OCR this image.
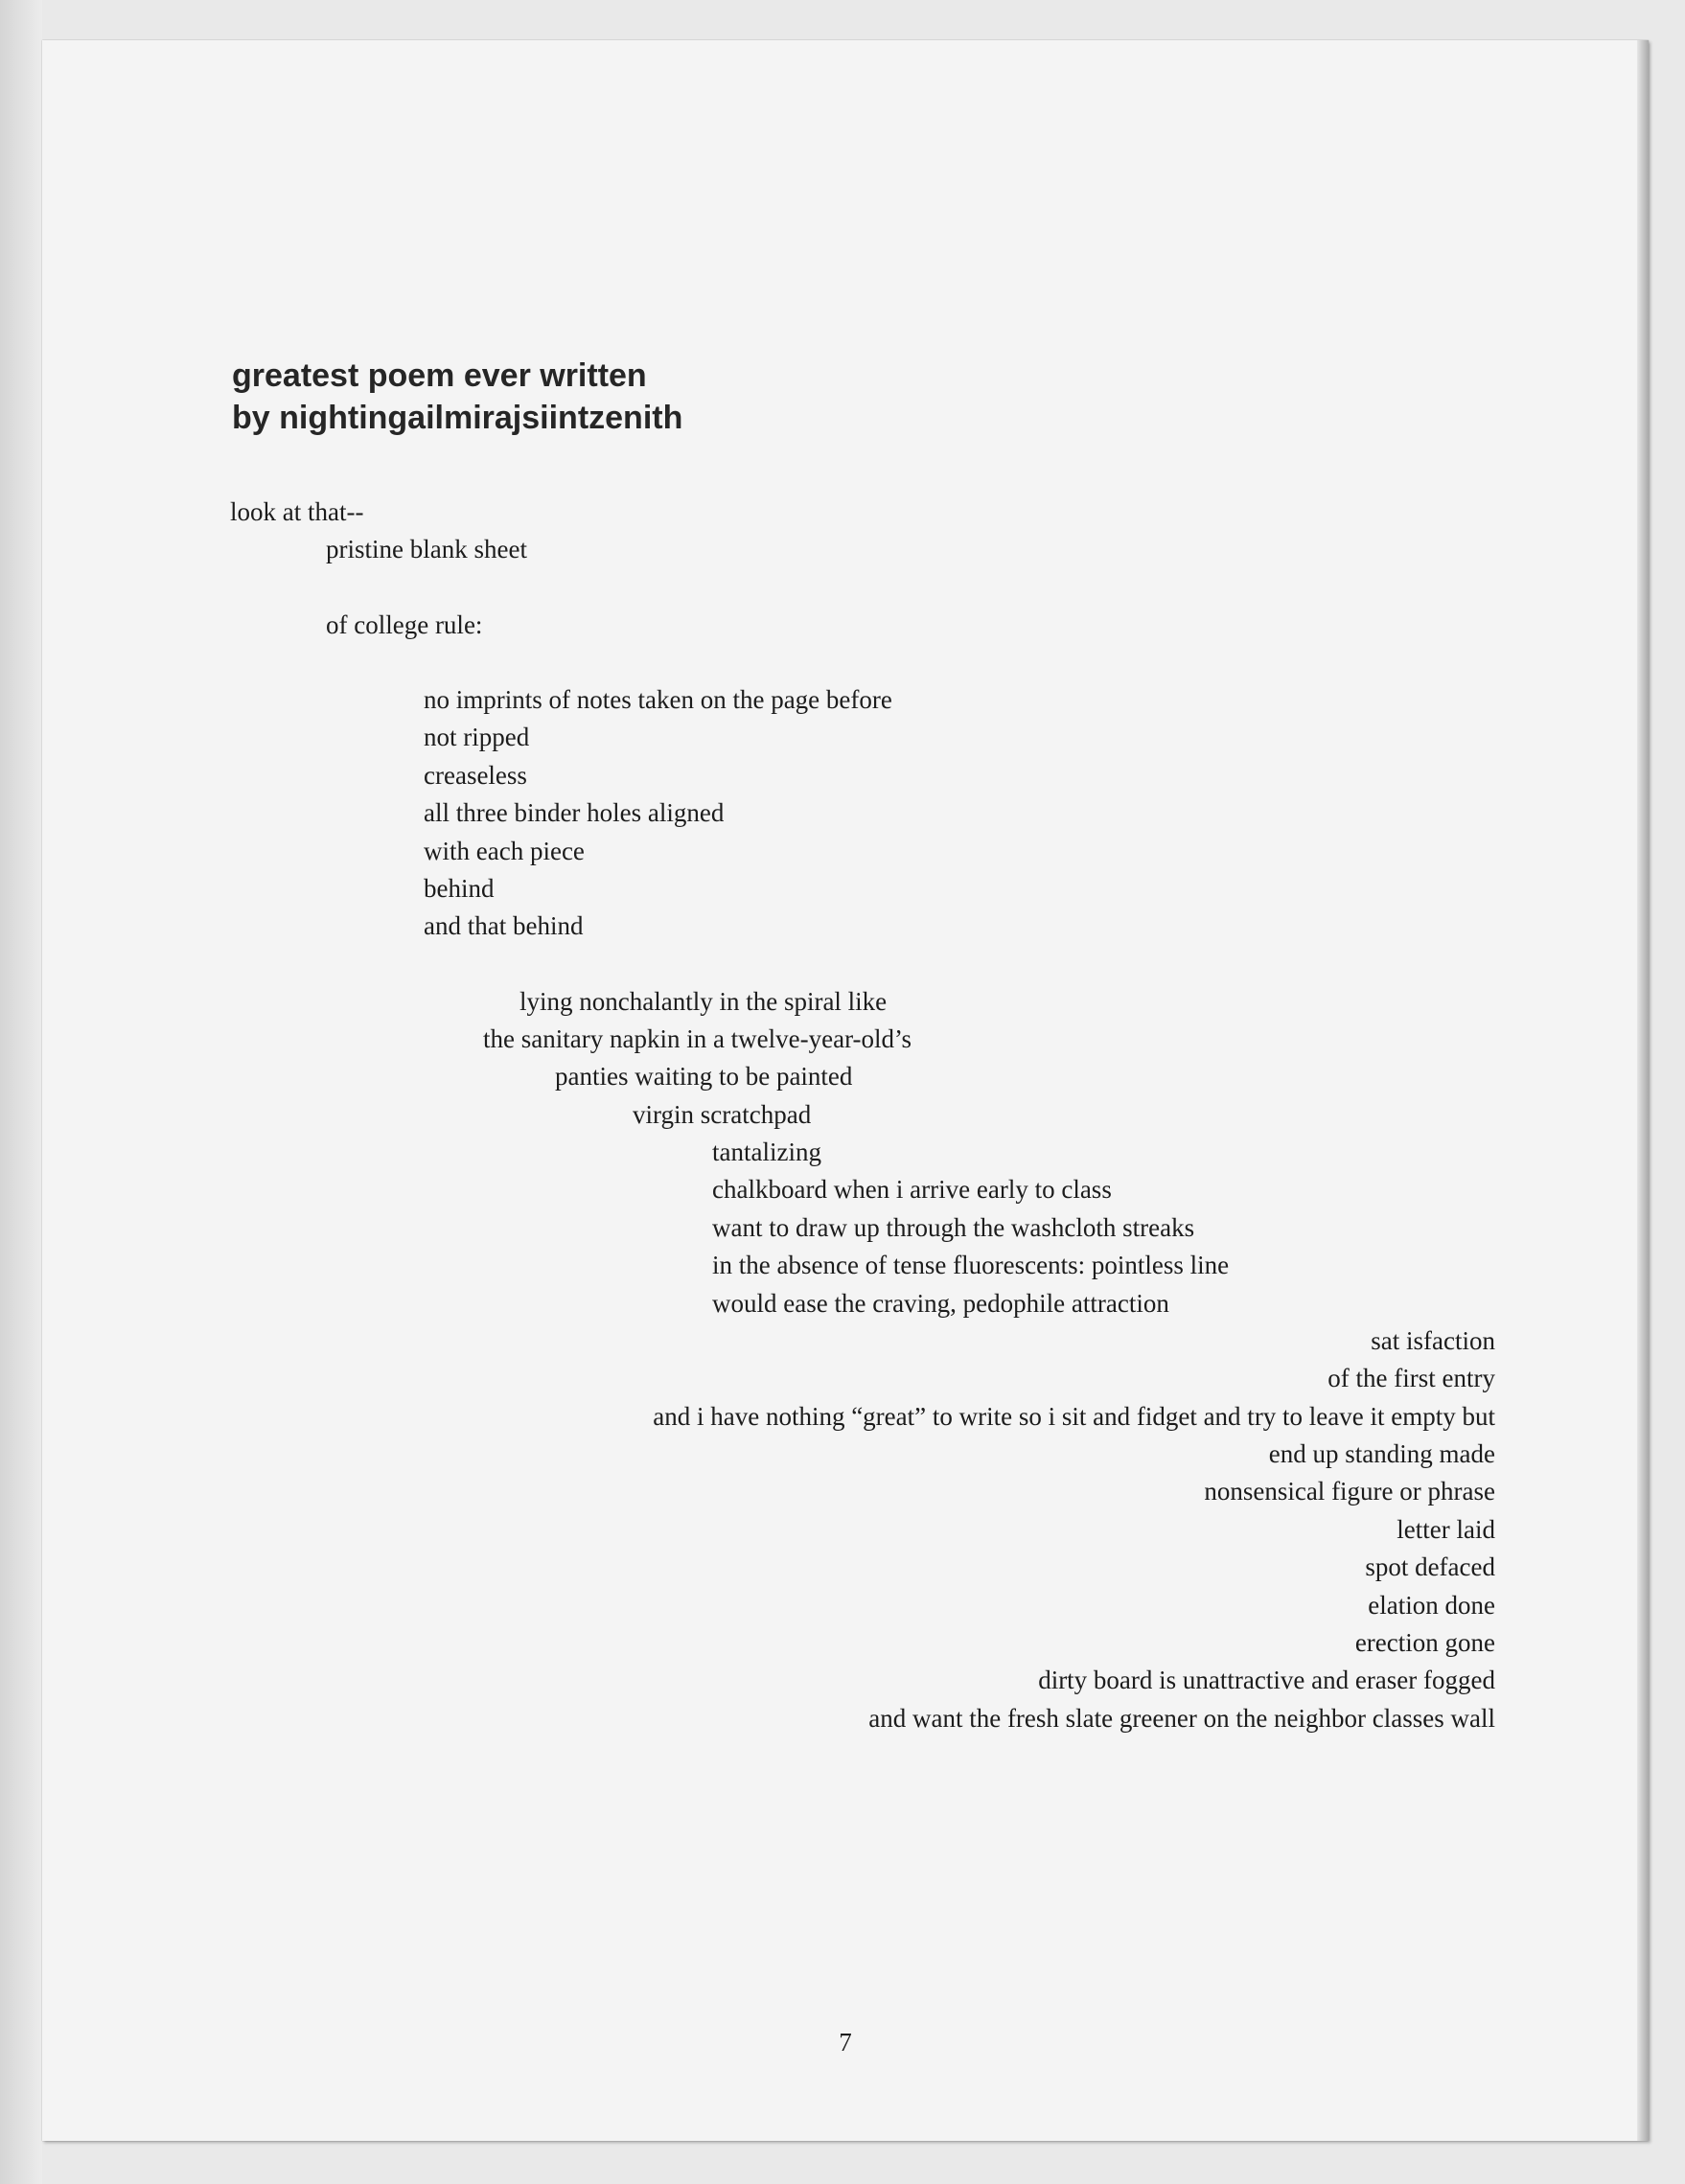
greatest poem ever written
by nightingailmirajsiintzenith

look at that--

pristine blank sheet

of college rule:

no imprints of notes taken on the page before

not ripped

creaseless

all three binder holes aligned

with each piece

behind

and that behind

lying nonchalantly in the spiral like

the sanitary napkin in a twelve-year-old’s

panties waiting to be painted

virgin scratchpad

tantalizing

chalkboard when i arrive early to class

want to draw up through the washcloth streaks

in the absence of tense fluorescents: pointless line

would ease the craving, pedophile attraction

sat isfaction

of the first entry

and i have nothing “great” to write so i sit and fidget and try to leave it empty but

end up standing made

nonsensical figure or phrase

letter laid

spot defaced

elation done

erection gone

dirty board is unattractive and eraser fogged

and want the fresh slate greener on the neighbor classes wall

7
